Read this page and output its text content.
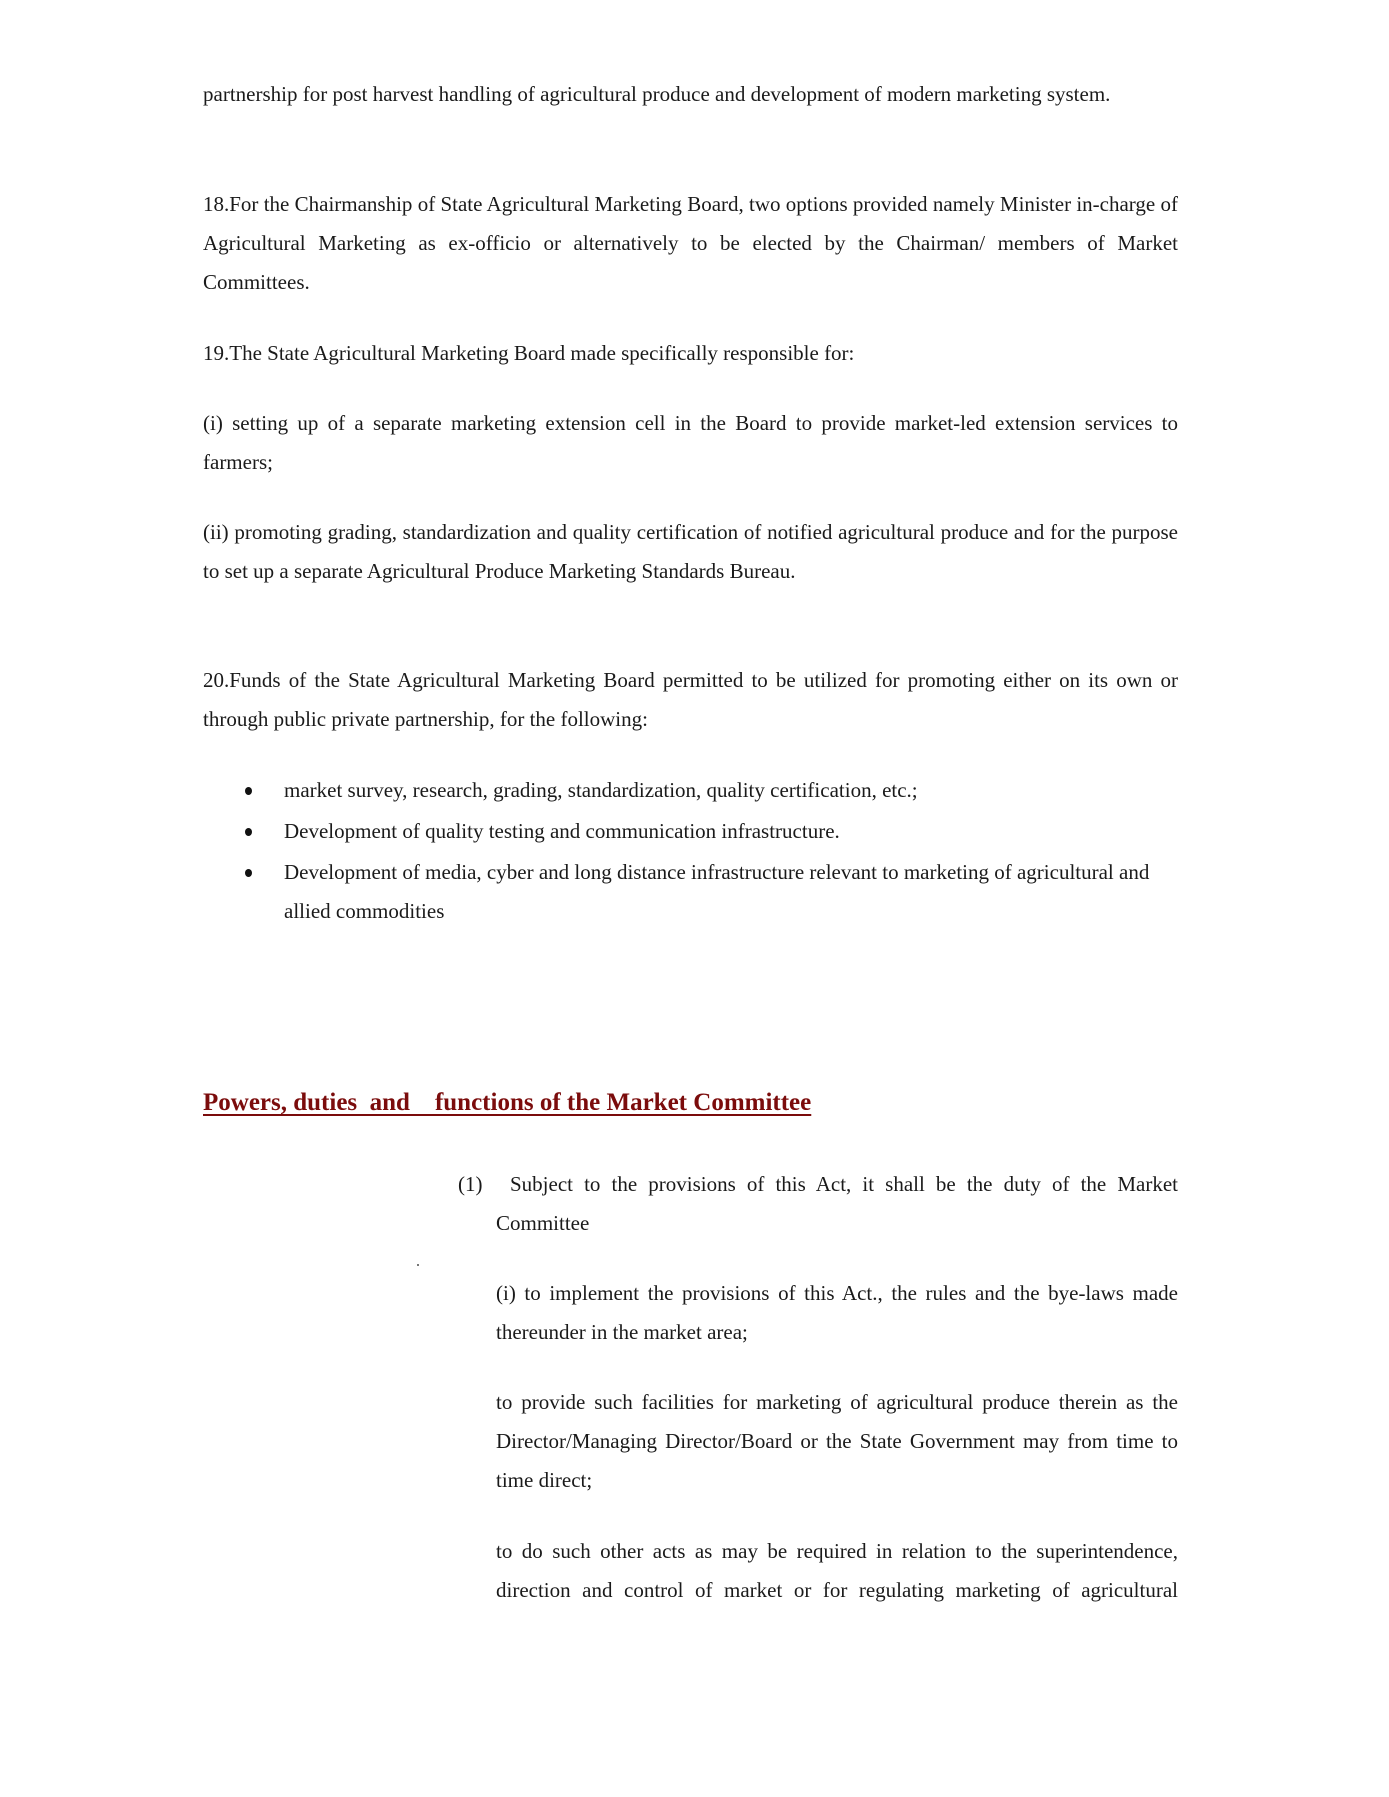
partnership for post harvest handling of agricultural produce and development of modern marketing system.

18.For the Chairmanship of State Agricultural Marketing Board, two options provided namely Minister in-charge of Agricultural Marketing as ex-officio or alternatively to be elected by the Chairman/ members of Market Committees.

19.The State Agricultural Marketing Board made specifically responsible for:

(i) setting up of a separate marketing extension cell in the Board to provide market-led extension services to farmers;

(ii) promoting grading, standardization and quality certification of notified agricultural produce and for the purpose to set up a separate Agricultural Produce Marketing Standards Bureau.

20.Funds of the State Agricultural Marketing Board permitted to be utilized for promoting either on its own or through public private partnership, for the following:

market survey, research, grading, standardization, quality certification, etc.;
Development of quality testing and communication infrastructure.
Development of media, cyber and long distance infrastructure relevant to marketing of agricultural and allied commodities
Powers, duties  and    functions of the Market Committee
(1)	Subject to the provisions of this Act, it shall be the duty of the Market Committee

(i) to implement the provisions of this Act., the rules and the bye-laws made thereunder in the market area;

to provide such facilities for marketing of agricultural produce therein as the Director/Managing Director/Board or the State Government may from time to time direct;

to do such other acts as may be required in relation to the superintendence, direction and control of market or for regulating marketing of agricultural
